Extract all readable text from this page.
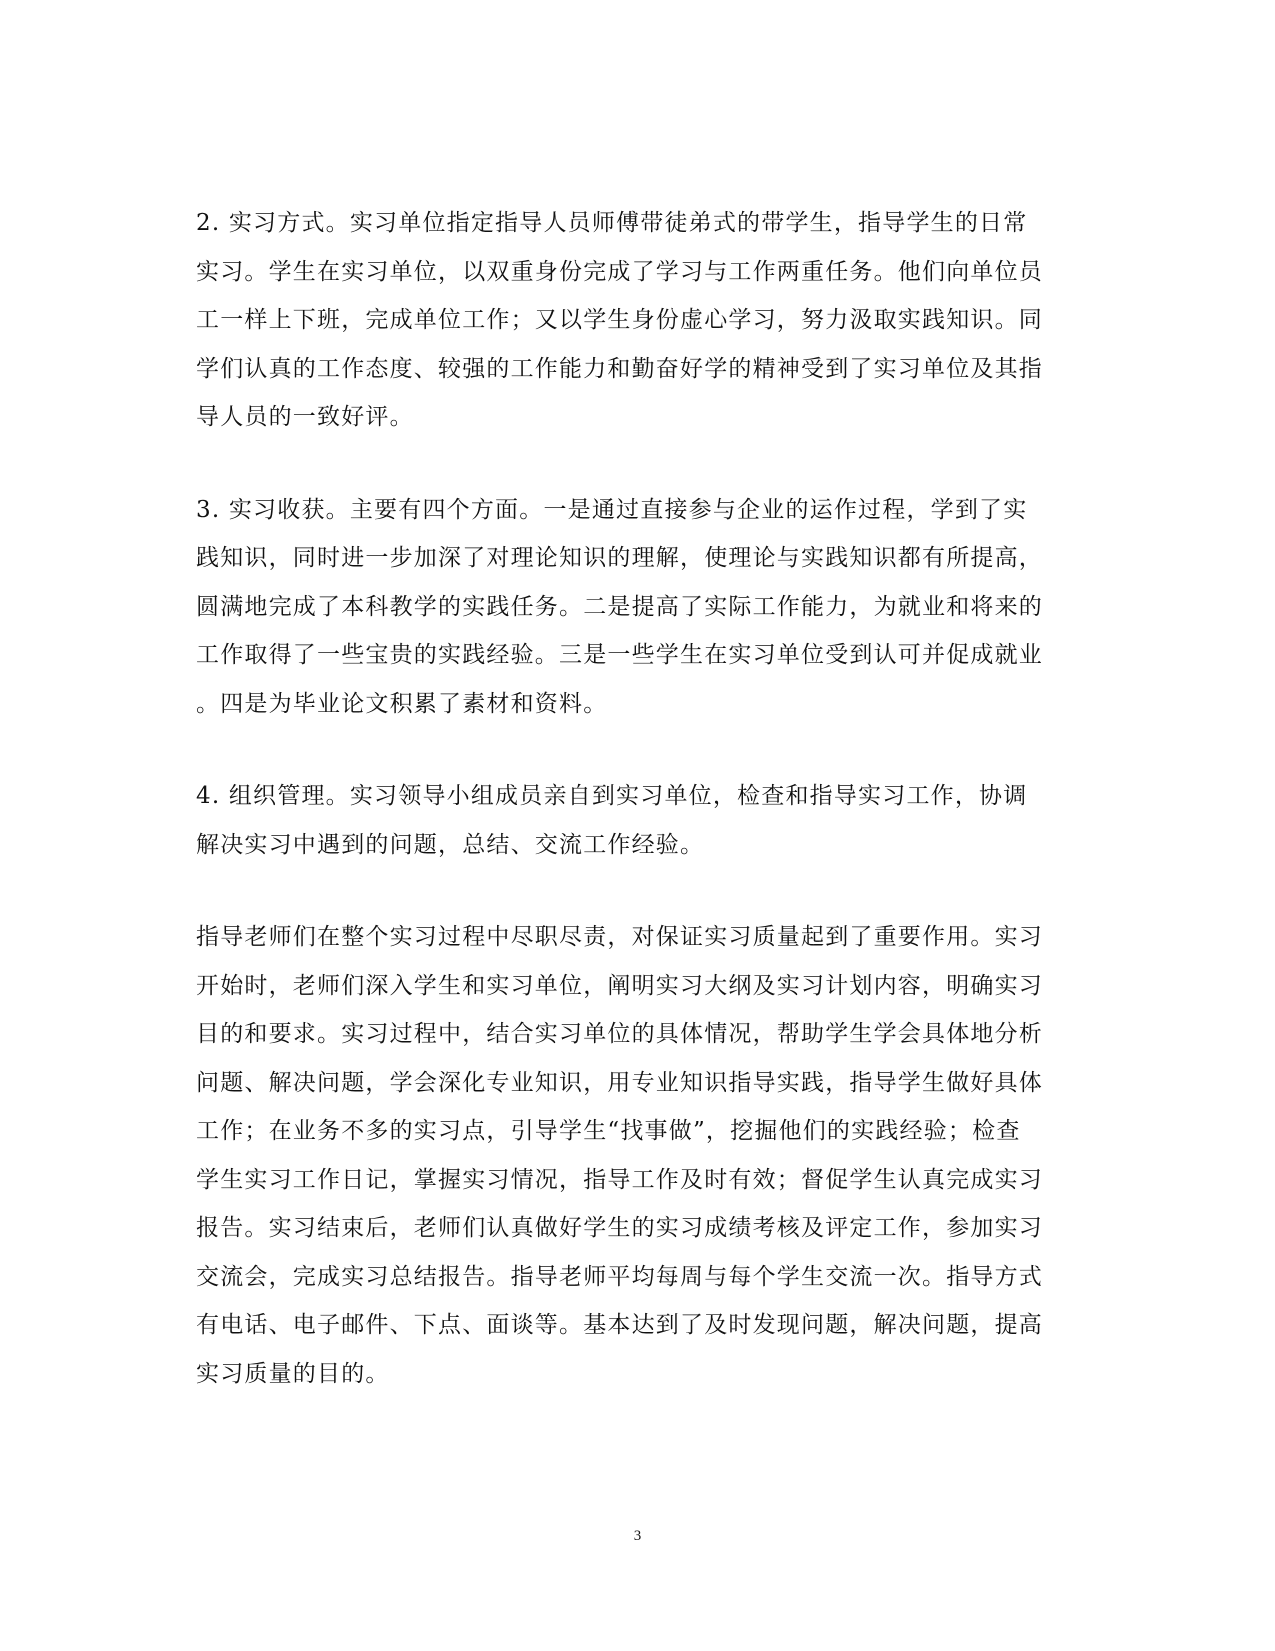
2. 实习方式。实习单位指定指导人员师傅带徒弟式的带学生，指导学生的日常
实习。学生在实习单位，以双重身份完成了学习与工作两重任务。他们向单位员
工一样上下班，完成单位工作；又以学生身份虚心学习，努力汲取实践知识。同
学们认真的工作态度、较强的工作能力和勤奋好学的精神受到了实习单位及其指
导人员的一致好评。

3. 实习收获。主要有四个方面。一是通过直接参与企业的运作过程，学到了实
践知识，同时进一步加深了对理论知识的理解，使理论与实践知识都有所提高，
圆满地完成了本科教学的实践任务。二是提高了实际工作能力，为就业和将来的
工作取得了一些宝贵的实践经验。三是一些学生在实习单位受到认可并促成就业
。四是为毕业论文积累了素材和资料。

4. 组织管理。实习领导小组成员亲自到实习单位，检查和指导实习工作，协调
解决实习中遇到的问题，总结、交流工作经验。

指导老师们在整个实习过程中尽职尽责，对保证实习质量起到了重要作用。实习
开始时，老师们深入学生和实习单位，阐明实习大纲及实习计划内容，明确实习
目的和要求。实习过程中，结合实习单位的具体情况，帮助学生学会具体地分析
问题、解决问题，学会深化专业知识，用专业知识指导实践，指导学生做好具体
工作；在业务不多的实习点，引导学生“找事做”，挖掘他们的实践经验；检查
学生实习工作日记，掌握实习情况，指导工作及时有效；督促学生认真完成实习
报告。实习结束后，老师们认真做好学生的实习成绩考核及评定工作，参加实习
交流会，完成实习总结报告。指导老师平均每周与每个学生交流一次。指导方式
有电话、电子邮件、下点、面谈等。基本达到了及时发现问题，解决问题，提高
实习质量的目的。

3
